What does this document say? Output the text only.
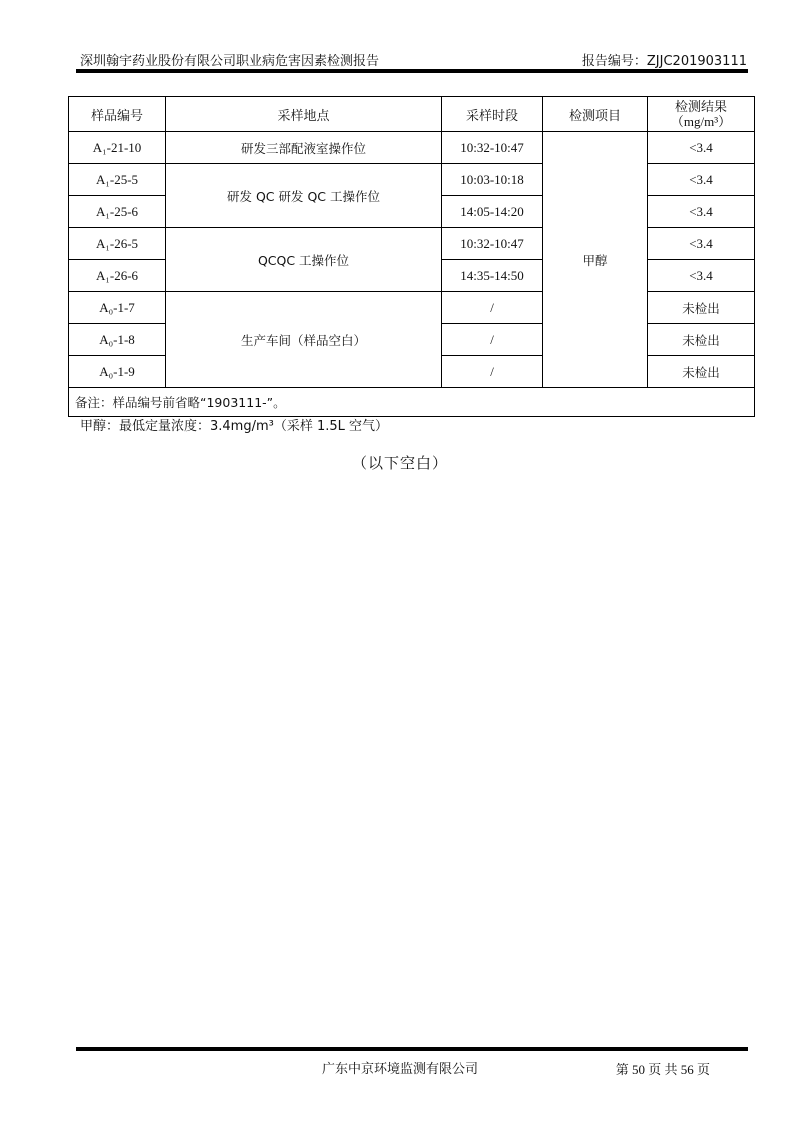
深圳翰宇药业股份有限公司职业病危害因素检测报告	报告编号：ZJJC201903111
样品编号	采样地点	采样时段	检测项目	检测结果
（mg/m³）

A₁-21-10	研发三部配液室操作位	10:32-10:47	甲醇	<3.4
A₁-25-5	研发 QC 研发 QC 工操作位	10:03-10:18		<3.4
A₁-25-6		14:05-14:20		<3.4
A₁-26-5	QCQC 工操作位	10:32-10:47		<3.4
A₁-26-6		14:35-14:50		<3.4
A₀-1-7	生产车间（样品空白）	/		未检出
A₀-1-8		/		未检出
A₀-1-9		/		未检出
备注：样品编号前省略“1903111-”。				
甲醇：最低定量浓度：3.4mg/m³（采样 1.5L 空气）
（以下空白）
广东中京环境监测有限公司	第 50 页 共 56 页
